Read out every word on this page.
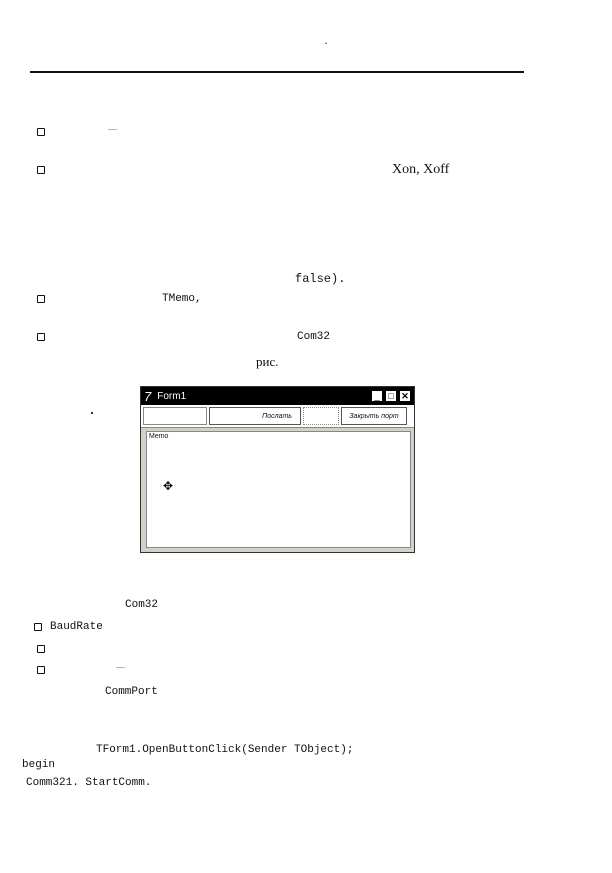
·
—
Xon, Xoff
false).
TMemo,
Com32
рис.
7 Form1	_ □ ✕
Послать	Закрыть порт
Memo
✥
Com32
BaudRate
—
CommPort
TForm1.OpenButtonClick(Sender TObject);
begin
Comm321. StartComm.
